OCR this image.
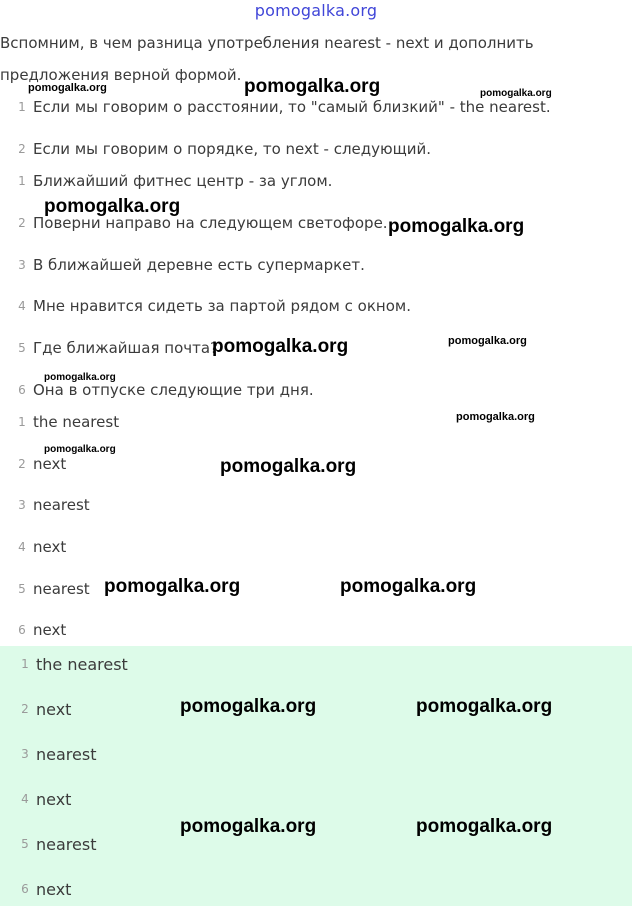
pomogalka.org
Вспомним, в чем разница употребления nearest - next и дополнить предложения верной формой.
1 Если мы говорим о расстоянии, то "самый близкий" - the nearest.
2 Если мы говорим о порядке, то next - следующий.
1 Ближайший фитнес центр - за углом.
2 Поверни направо на следующем светофоре.
3 В ближайшей деревне есть супермаркет.
4 Мне нравится сидеть за партой рядом с окном.
5 Где ближайшая почта?
6 Она в отпуске следующие три дня.
1 the nearest
2 next
3 nearest
4 next
5 nearest
6 next
1 the nearest
2 next
3 nearest
4 next
5 nearest
6 next
pomogalka.org
pomogalka.org	pomogalka.org
pomogalka.org
pomogalka.org
pomogalka.org	pomogalka.org
pomogalka.org
pomogalka.org
pomogalka.org
pomogalka.org
pomogalka.org	pomogalka.org
pomogalka.org	pomogalka.org
pomogalka.org	pomogalka.org
